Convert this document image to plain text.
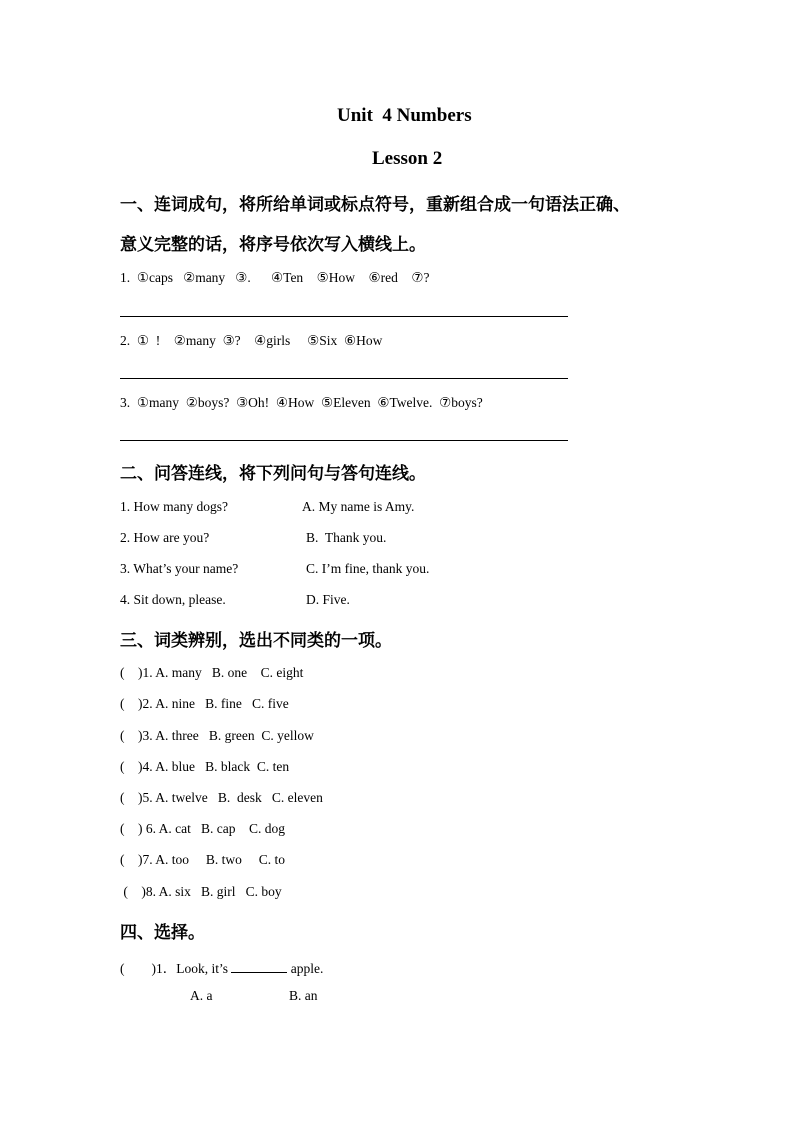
Unit  4 Numbers
Lesson 2
一、连词成句，将所给单词或标点符号，重新组合成一句语法正确、
意义完整的话，将序号依次写入横线上。
1.  ①caps   ②many   ③.      ④Ten    ⑤How    ⑥red    ⑦?
2.  ①  !    ②many  ③?    ④girls     ⑤Six  ⑥How
3.  ①many  ②boys?  ③Oh!  ④How  ⑤Eleven  ⑥Twelve.  ⑦boys?
二、问答连线，将下列问句与答句连线。
1. How many dogs?	A. My name is Amy.
2. How are you?	B.  Thank you.
3. What’s your name?	C. I’m fine, thank you.
4. Sit down, please.	D. Five.
三、词类辨别，选出不同类的一项。
(    )1. A. many   B. one    C. eight
(    )2. A. nine   B. fine   C. five
(    )3. A. three   B. green  C. yellow
(    )4. A. blue   B. black  C. ten
(    )5. A. twelve   B.  desk   C. eleven
(    ) 6. A. cat   B. cap    C. dog
(    )7. A. too     B. two     C. to
(    )8. A. six   B. girl   C. boy
四、选择。
(        )1．Look, it’s	apple.
A. a	B. an
